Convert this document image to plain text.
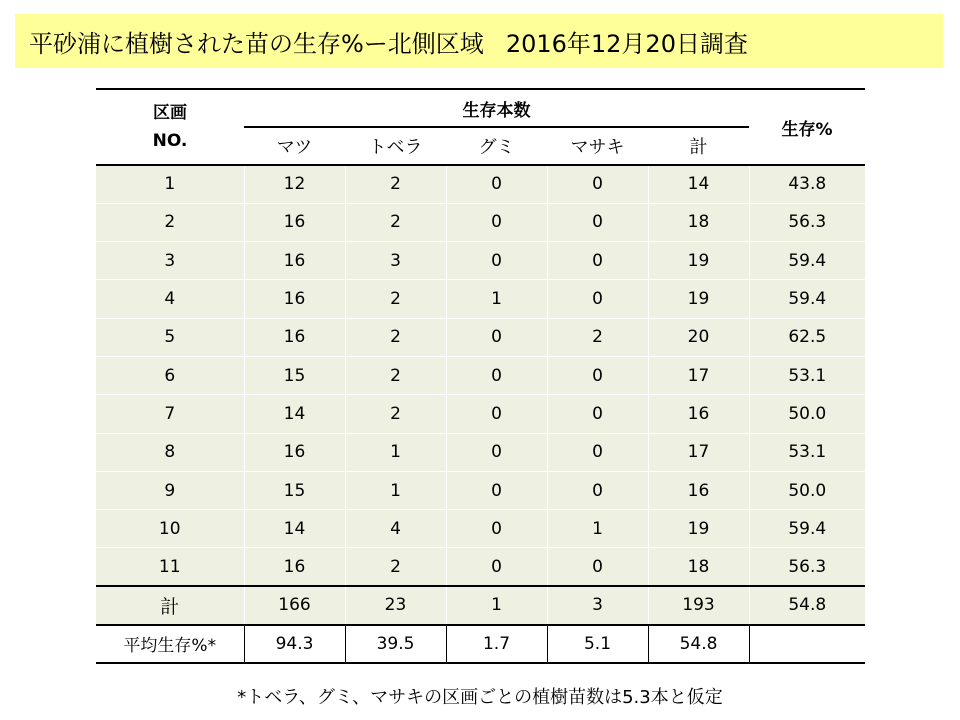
平砂浦に植樹された苗の生存%ー北側区域 2016年12月20日調査
区画
NO.	生存本数					生存%
	マツ	トベラ	グミ	マサキ	計	
1	12	2	0	0	14	43.8
2	16	2	0	0	18	56.3
3	16	3	0	0	19	59.4
4	16	2	1	0	19	59.4
5	16	2	0	2	20	62.5
6	15	2	0	0	17	53.1
7	14	2	0	0	16	50.0
8	16	1	0	0	17	53.1
9	15	1	0	0	16	50.0
10	14	4	0	1	19	59.4
11	16	2	0	0	18	56.3
計	166	23	1	3	193	54.8
平均生存%*	94.3	39.5	1.7	5.1	54.8	
*トベラ、グミ、マサキの区画ごとの植樹苗数は5.3本と仮定
